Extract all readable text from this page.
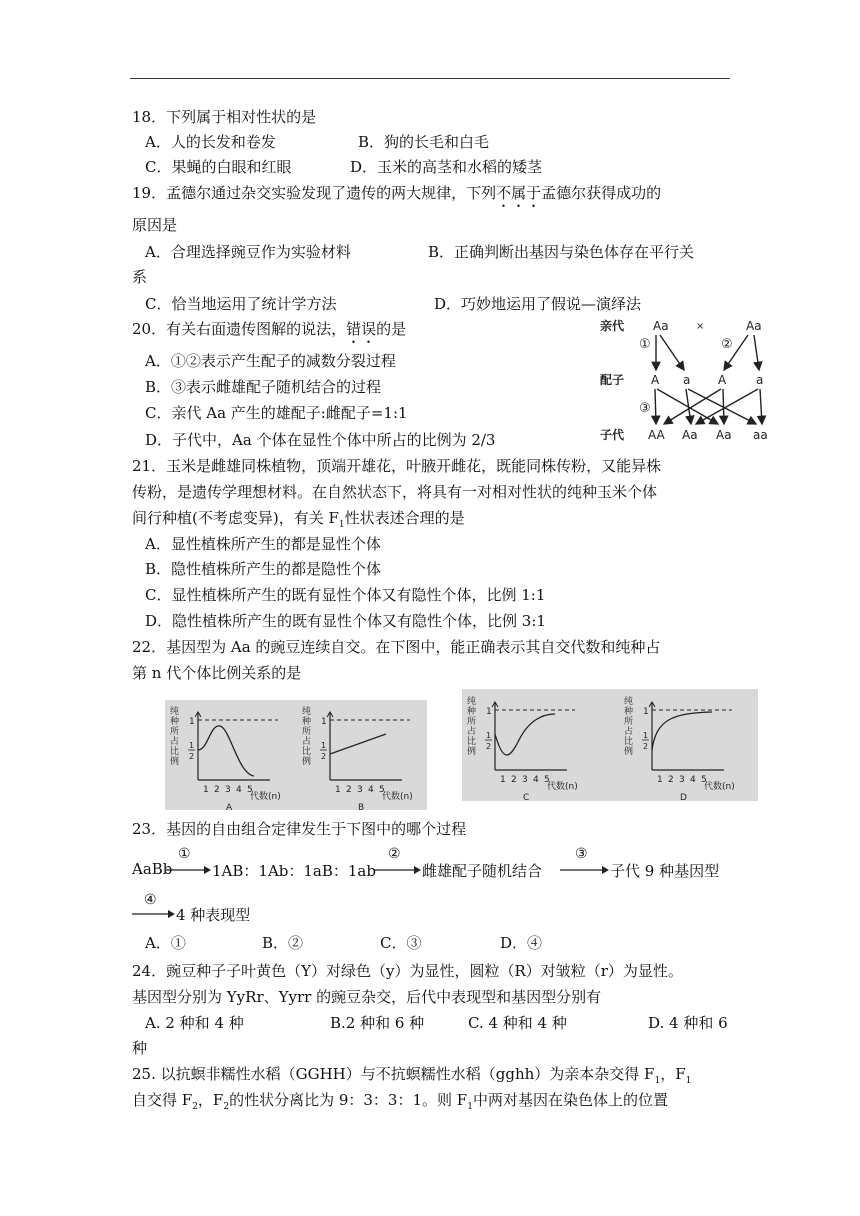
18．下列属于相对性状的是
A．人的长发和卷发	B．狗的长毛和白毛
C．果蝇的白眼和红眼	D．玉米的高茎和水稻的矮茎
19．孟德尔通过杂交实验发现了遗传的两大规律，下列不属于孟德尔获得成功的
原因是
A．合理选择豌豆作为实验材料	B．正确判断出基因与染色体存在平行关
系
C．恰当地运用了统计学方法	D．巧妙地运用了假说—演绎法
20．有关右面遗传图解的说法，错误的是
A．①②表示产生配子的减数分裂过程
B．③表示雌雄配子随机结合的过程
C．亲代 Aa 产生的雄配子:雌配子=1:1
D．子代中，Aa 个体在显性个体中所占的比例为 2/3
亲代
配子
子代
Aa	×	Aa
①	②
③
A a A a
AA Aa Aa aa
21．玉米是雌雄同株植物，顶端开雄花，叶腋开雌花，既能同株传粉，又能异株
传粉，是遗传学理想材料。在自然状态下，将具有一对相对性状的纯种玉米个体
间行种植(不考虑变异)，有关 $F_1$性状表述合理的是
A．显性植株所产生的都是显性个体
B．隐性植株所产生的都是隐性个体
C．显性植株所产生的既有显性个体又有隐性个体，比例 1:1
D．隐性植株所产生的既有显性个体又有隐性个体，比例 3:1
22．基因型为 Aa 的豌豆连续自交。在下图中，能正确表示其自交代数和纯种占
第 n 代个体比例关系的是
纯
种
所
占
比
例
1
1
2
1 2 3 4 5
代数(n)
A
纯
种
所
占
比
例
1
1
2
1 2 3 4 5
代数(n)
B
纯
种
所
占
比
例
1
1
2
1 2 3 4 5
代数(n)
C
纯
种
所
占
比
例
1
1
2
1 2 3 4 5
代数(n)
D
23．基因的自由组合定律发生于下图中的哪个过程
AaBb
①
1AB：1Ab：1aB：1ab
②
雌雄配子随机结合
③
子代 9 种基因型
④
4 种表现型
A．①	B．②	C．③	D．④
24．豌豆种子子叶黄色（Y）对绿色（y）为显性，圆粒（R）对皱粒（r）为显性。
基因型分别为 YyRr、Yyrr 的豌豆杂交，后代中表现型和基因型分别有
A. 2 种和 4 种	B.2 种和 6 种	C. 4 种和 4 种	D. 4 种和 6
种
25. 以抗螟非糯性水稻（GGHH）与不抗螟糯性水稻（gghh）为亲本杂交得 $F_1$，$F_1$
自交得 $F_2$，$F_2$的性状分离比为 9：3：3：1。则 $F_1$中两对基因在染色体上的位置
